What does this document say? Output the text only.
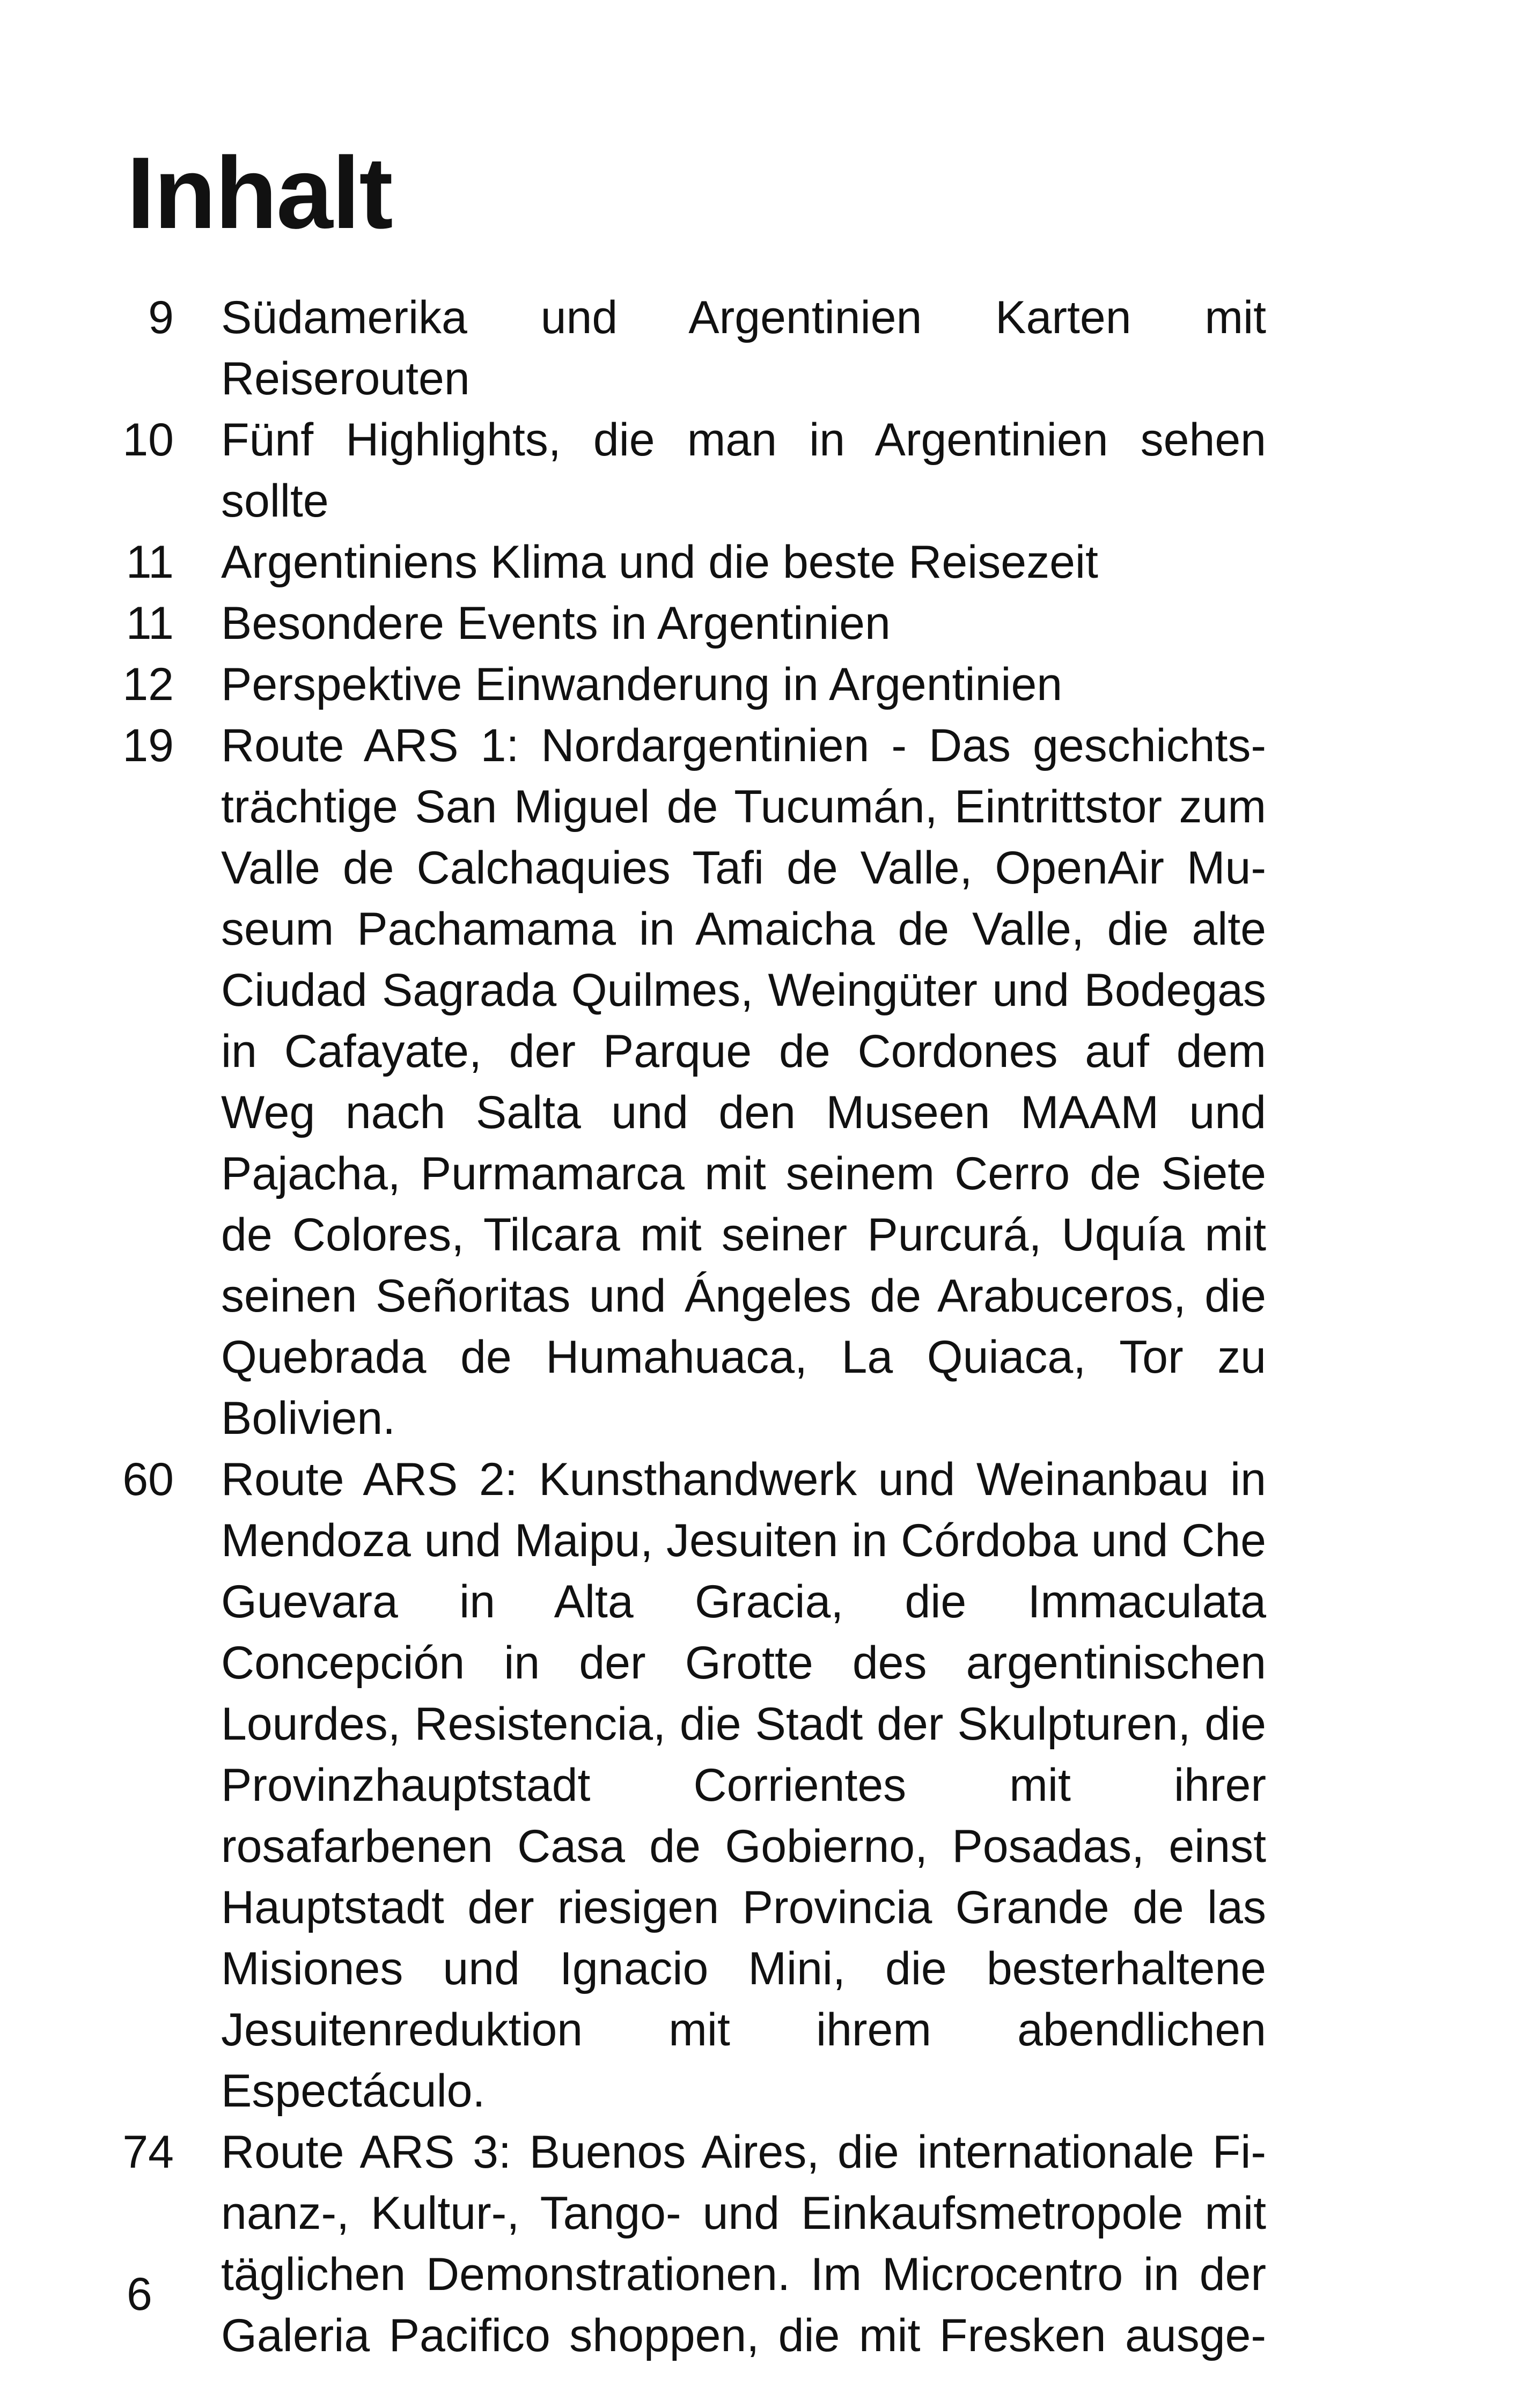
Inhalt
9 Südamerika und Argentinien Karten mit Reiserouten
10 Fünf Highlights, die man in Argentinien sehen sollte
11 Argentiniens Klima und die beste Reisezeit
11 Besondere Events in Argentinien
12 Perspektive Einwanderung in Argentinien
19 Route ARS 1: Nordargentinien - Das geschichtsträchtige San Miguel de Tucumán, Eintrittstor zum Valle de Calchaquies Tafi de Valle, OpenAir Museum Pachamama in Amaicha de Valle, die alte Ciudad Sagrada Quilmes, Weingüter und Bodegas in Cafayate, der Parque de Cordones auf dem Weg nach Salta und den Museen MAAM und Pajacha, Purmamarca mit seinem Cerro de Siete de Colores, Tilcara mit seiner Purcurá, Uquía mit seinen Señoritas und Ángeles de Arabuceros, die Quebrada de Humahuaca, La Quiaca, Tor zu Bolivien.
60 Route ARS 2: Kunsthandwerk und Weinanbau in Mendoza und Maipu, Jesuiten in Córdoba und Che Guevara in Alta Gracia, die Immaculata Concepción in der Grotte des argentinischen Lourdes, Resistencia, die Stadt der Skulpturen, die Provinzhauptstadt Corrientes mit ihrer rosafarbenen Casa de Gobierno, Posadas, einst Hauptstadt der riesigen Provincia Grande de las Misiones und Ignacio Mini, die besterhaltene Jesuitenreduktion mit ihrem abendlichen Espectáculo.
74 Route ARS 3: Buenos Aires, die internationale Finanz-, Kultur-, Tango- und Einkaufsmetropole mit täglichen Demonstrationen. Im Microcentro in der Galeria Pacifico shoppen, die mit Fresken ausge-
6
